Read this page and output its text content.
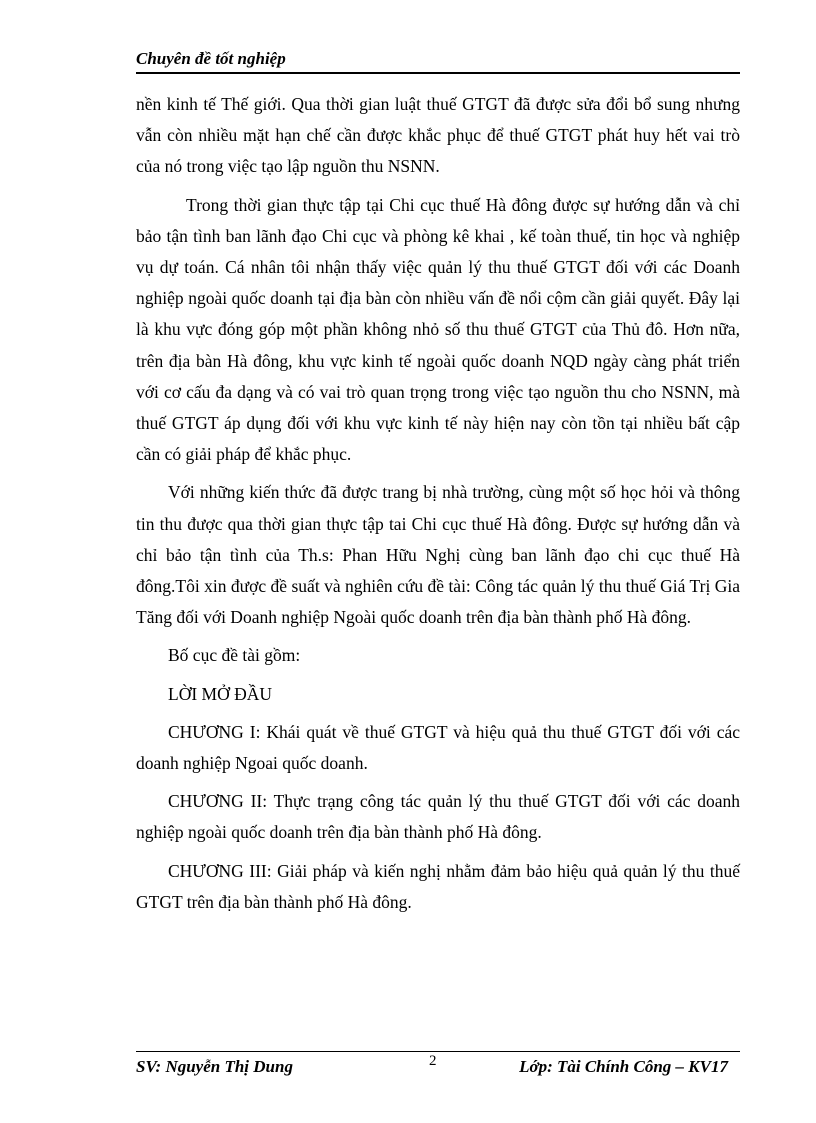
Chuyên đề tốt nghiệp

nền kinh tế Thế giới. Qua thời gian luật thuế GTGT đã được sửa đổi bổ sung nhưng vẫn còn nhiều mặt hạn chế cần được khắc phục để thuế GTGT phát huy hết vai trò của nó trong việc tạo lập nguồn thu NSNN.

Trong thời gian thực tập tại Chi cục thuế Hà đông được sự hướng dẫn và chỉ bảo tận tình ban lãnh đạo Chi cục và phòng kê khai , kế toàn thuế, tin học và nghiệp vụ dự toán. Cá nhân tôi nhận thấy việc quản lý thu thuế GTGT đối với các Doanh nghiệp ngoài quốc doanh tại địa bàn còn nhiều vấn đề nổi cộm cần giải quyết. Đây lại là khu vực đóng góp một phần không nhỏ số thu thuế GTGT của Thủ đô. Hơn nữa, trên địa bàn Hà đông, khu vực kinh tế ngoài quốc doanh NQD ngày càng phát triển với cơ cấu đa dạng và có vai trò quan trọng trong việc tạo nguồn thu cho NSNN, mà thuế GTGT áp dụng đối với khu vực kinh tế này hiện nay còn tồn tại nhiều bất cập cần có giải pháp để khắc phục.

Với những kiến thức đã được trang bị nhà trường, cùng một số học hỏi và thông tin thu được qua thời gian thực tập tai Chi cục thuế Hà đông. Được sự hướng dẫn và chỉ bảo tận tình của Th.s: Phan Hữu Nghị cùng ban lãnh đạo chi cục thuế Hà đông.Tôi xin được đề suất và nghiên cứu đề tài: Công tác quản lý thu thuế Giá Trị Gia Tăng đối với Doanh nghiệp Ngoài quốc doanh trên địa bàn thành phố Hà đông.

Bố cục đề tài gồm:

LỜI MỞ ĐẦU

CHƯƠNG I: Khái quát về thuế GTGT và hiệu quả thu thuế GTGT đối với các doanh nghiệp Ngoai quốc doanh.

CHƯƠNG II: Thực trạng công tác quản lý thu thuế GTGT đối với các doanh nghiệp ngoài quốc doanh trên địa bàn thành phố Hà đông.

CHƯƠNG III: Giải pháp và kiến nghị nhằm đảm bảo hiệu quả quản lý thu thuế GTGT trên địa bàn thành phố Hà đông.

SV: Nguyễn Thị Dung	2	Lớp: Tài Chính Công – KV17
